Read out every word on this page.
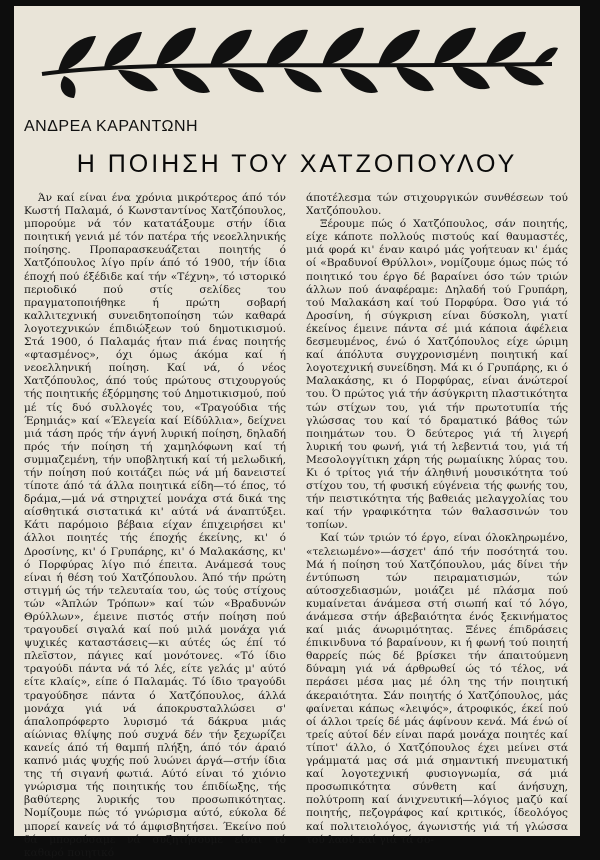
ΑΝΔΡΕΑ ΚΑΡΑΝΤΩΝΗ
Η ΠΟΙΗΣΗ ΤΟΥ ΧΑΤΖΟΠΟΥΛΟΥ

Άν καί είναι ένα χρόνια μικρότερος άπό τόν Κωστή Παλαμά, ό Κωνσταντίνος Χατζόπουλος, μπορούμε νά τόν κατατάξουμε στήν ίδια ποιητική γενιά μέ τόν πατέρα τής νεοελληνικής ποίησης. Προπαρασκευάζεται ποιητής ό Χατζόπουλος λίγο πρίν άπό τό 1900, τήν ίδια έποχή πού έξέδιδε καί τήν «Τέχνη», τό ιστορικό περιοδικό πού στίς σελίδες του πραγματοποιήθηκε ή πρώτη σοβαρή καλλιτεχνική συνειδητοποίηση τών καθαρά λογοτεχνικών έπιδιώξεων τού δημοτικισμού. Στά 1900, ό Παλαμάς ήταν πιά ένας ποιητής «φτασμένος», όχι όμως άκόμα καί ή νεοελληνική ποίηση. Καί νά, ό νέος Χατζόπουλος, άπό τούς πρώτους στιχουργούς τής ποιητικής έξόρμησης τού Δημοτικισμού, πού μέ τίς δυό συλλογές του, «Τραγούδια τής Έρημιάς» καί «Έλεγεία καί Είδύλλια», δείχνει μιά τάση πρός τήν άγνή λυρική ποίηση, δηλαδή πρός τήν ποίηση τή χαμηλόφωνη καί τή συμμαζεμένη, τήν υποβλητική καί τή μελωδική, τήν ποίηση πού κοιτάζει πώς νά μή δανειστεί τίποτε άπό τά άλλα ποιητικά είδη—τό έπος, τό δράμα,—μά νά στηριχτεί μονάχα στά δικά της αίσθητικά σιστατικά κι' αύτά νά άναπτύξει. Κάτι παρόμοιο βέβαια είχαν έπιχειρήσει κι' άλλοι ποιητές τής έποχής έκείνης, κι' ό Δροσίνης, κι' ό Γρυπάρης, κι' ό Μαλακάσης, κι' ό Πορφύρας λίγο πιό έπειτα. Ανάμεσά τους είναι ή θέση τού Χατζόπουλου. Άπό τήν πρώτη στιγμή ώς τήν τελευταία του, ώς τούς στίχους τών «Άπλών Τρόπων» καί τών «Βραδυνών Θρύλλων», έμεινε πιστός στήν ποίηση πού τραγουδεί σιγαλά καί πού μιλά μονάχα γιά ψυχικές καταστάσεις—κι αύτές ώς έπί τό πλεϊστον, πάγιες καί μονότονες. «Τό ίδιο τραγούδι πάντα νά τό λές, είτε γελάς μ' αύτό είτε κλαίς», είπε ό Παλαμάς. Τό ίδιο τραγούδι τραγούδησε πάντα ό Χατζόπουλος, άλλά μονάχα γιά νά άποκρυσταλλώσει σ' άπαλοπρόφερτο λυρισμό τά δάκρυα μιάς αίώνιας θλίψης πού συχνά δέν τήν ξεχωρίζει κανείς άπό τή θαμπή πλήξη, άπό τόν άραιό καπνό μιάς ψυχής πού λυώνει άργά—στήν ίδια της τή σιγανή φωτιά. Αύτό είναι τό χιόνιο γνώρισμα τής ποιητικής του έπιδίωξης, τής βαθύτερης λυρικής του προσωπικότητας. Νομίζουμε πώς τό γνώρισμα αύτό, εύκολα δέ μπορεί κανείς νά τό άμφισβητήσει. Έκείνο πού θά μπορούσαμε νά συζητήσουμε είναι τό καθαρό ποιητικό

άποτέλεσμα τών στιχουργικών συνθέσεων τού Χατζόπουλου.

Ξέρουμε πώς ό Χατζόπουλος, σάν ποιητής, είχε κάποτε πολλούς πιστούς καί θαυμαστές, μιά φορά κι' έναν καιρό μάς γοήτευαν κι' έμάς οί «Βραδυνοί Θρύλλοι», νομίζουμε όμως πώς τό ποιητικό του έργο δέ βαραίνει όσο τών τριών άλλων πού άναφέραμε: Δηλαδή τού Γρυπάρη, τού Μαλακάση καί τού Πορφύρα. Όσο γιά τό Δροσίνη, ή σύγκριση είναι δύσκολη, γιατί έκείνος έμεινε πάντα σέ μιά κάποια άφέλεια δεσμευμένος, ένώ ό Χατζόπουλος είχε ώριμη καί άπόλυτα συγχρονισμένη ποιητική καί λογοτεχνική συνείδηση. Μά κι ό Γρυπάρης, κι ό Μαλακάσης, κι ό Πορφύρας, είναι άνώτεροί του. Ό πρώτος γιά τήν άσύγκριτη πλαστικότητα τών στίχων του, γιά τήν πρωτοτυπία τής γλώσσας του καί τό δραματικό βάθος τών ποιημάτων του. Ό δεύτερος γιά τή λιγερή λυρική του φωνή, γιά τή λεβεντιά του, γιά τή Μεσολογγίτικη χάρη τής ρωμαίικης λύρας του. Κι ό τρίτος γιά τήν άληθινή μουσικότητα τού στίχου του, τή φυσική εύγένεια τής φωνής του, τήν πειστικότητα τής βαθειάς μελαγχολίας του καί τήν γραφικότητα τών θαλασσινών του τοπίων.

Καί τών τριών τό έργο, είναι όλοκληρωμένο, «τελειωμένο»—άσχετ' άπό τήν ποσότητά του. Μά ή ποίηση τού Χατζόπουλου, μάς δίνει τήν έντύπωση τών πειραματισμών, τών αύτοσχεδιασμών, μοιάζει μέ πλάσμα πού κυμαίνεται άνάμεσα στή σιωπή καί τό λόγο, άνάμεσα στήν άβεβαιότητα ένός ξεκινήματος καί μιάς άνωριμότητας. Ξένες έπιδράσεις έπικινδυνα τό βαραίνουν, κι ή φωνή τού ποιητή θαρρείς πώς δέ βρίσκει τήν άπαιτούμενη δύναμη γιά νά άρθρωθεί ώς τό τέλος, νά περάσει μέσα μας μέ όλη της τήν ποιητική άκεραιότητα. Σάν ποιητής ό Χατζόπουλος, μάς φαίνεται κάπως «λειψός», άτροφικός, έκεί πού οί άλλοι τρείς δέ μάς άφίνουν κενά. Μά ένώ οί τρείς αύτοί δέν είναι παρά μονάχα ποιητές καί τίποτ' άλλο, ό Χατζόπουλος έχει μείνει στά γράμματά μας σά μιά σημαντική πνευματική καί λογοτεχνική φυσιογνωμία, σά μιά προσωπικότητα σύνθετη καί άνήσυχη, πολύτροπη καί άνιχνευτική—λόγιος μαζύ καί ποιητής, πεζογράφος καί κριτικός, ίδεολόγος καί πολιτειολόγος, άγωνιστής γιά τή γλώσσα τού λαού καί γιά τά σο-
